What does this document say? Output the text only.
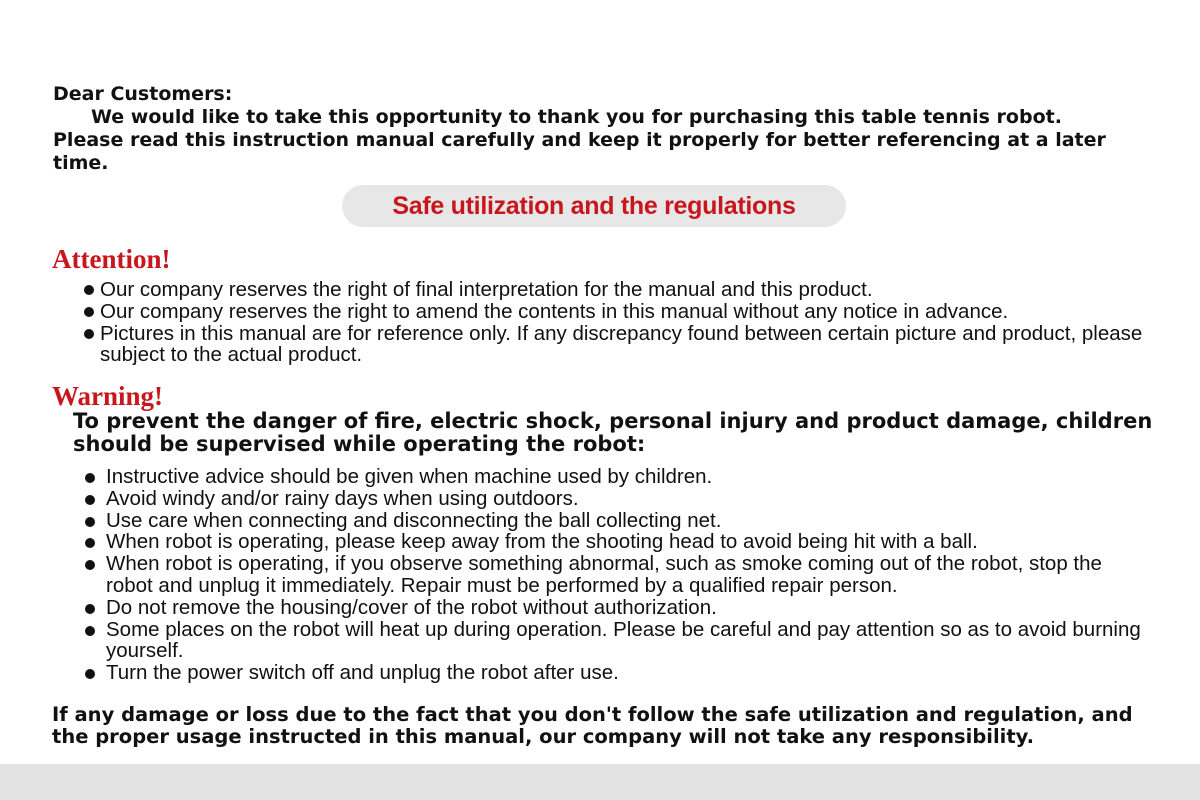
Dear Customers:

We would like to take this opportunity to thank you for purchasing this table tennis robot.
Please read this instruction manual carefully and keep it properly for better referencing at a later time.

Safe utilization and the regulations
Attention!
Our company reserves the right of final interpretation for the manual and this product.
Our company reserves the right to amend the contents in this manual without any notice in advance.
Pictures in this manual are for reference only. If any discrepancy found between certain picture and product, please subject to the actual product.
Warning!

To prevent the danger of fire, electric shock, personal injury and product damage, children should be supervised while operating the robot:

Instructive advice should be given when machine used by children.
Avoid windy and/or rainy days when using outdoors.
Use care when connecting and disconnecting the ball collecting net.
When robot is operating, please keep away from the shooting head to avoid being hit with a ball.
When robot is operating, if you observe something abnormal, such as smoke coming out of the robot, stop the robot and unplug it immediately. Repair must be performed by a qualified repair person.
Do not remove the housing/cover of the robot without authorization.
Some places on the robot will heat up during operation. Please be careful and pay attention so as to avoid burning yourself.
Turn the power switch off and unplug the robot after use.

If any damage or loss due to the fact that you don't follow the safe utilization and regulation, and the proper usage instructed in this manual, our company will not take any responsibility.
